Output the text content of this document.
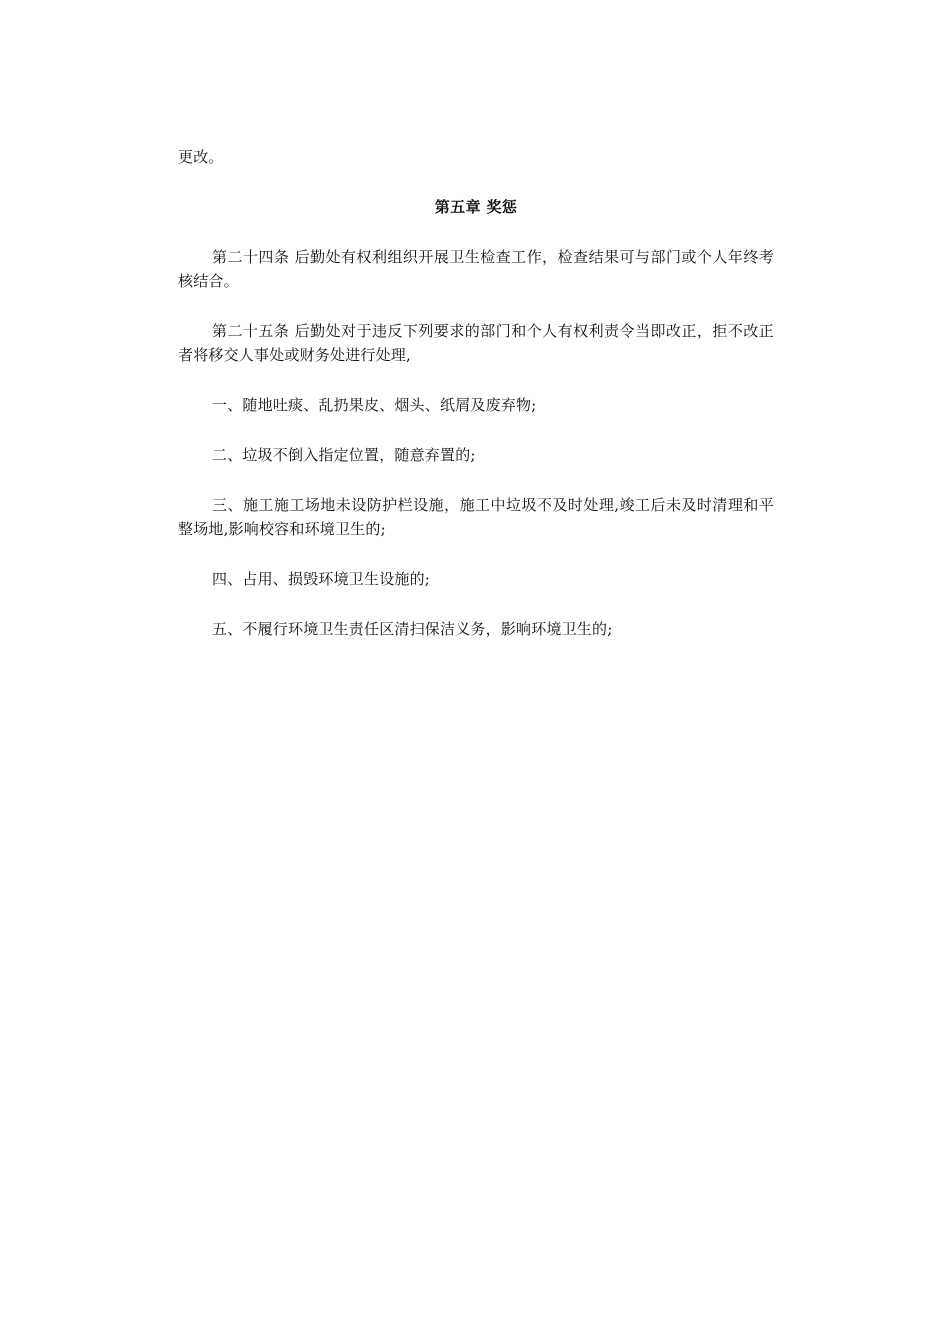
更改。

第五章 奖惩

第二十四条 后勤处有权利组织开展卫生检查工作，检查结果可与部门或个人年终考核结合。

第二十五条 后勤处对于违反下列要求的部门和个人有权利责令当即改正，拒不改正者将移交人事处或财务处进行处理,

一、随地吐痰、乱扔果皮、烟头、纸屑及废弃物;

二、垃圾不倒入指定位置，随意弃置的;

三、施工施工场地未设防护栏设施，施工中垃圾不及时处理,竣工后未及时清理和平整场地,影响校容和环境卫生的;

四、占用、损毁环境卫生设施的;

五、不履行环境卫生责任区清扫保洁义务，影响环境卫生的;
